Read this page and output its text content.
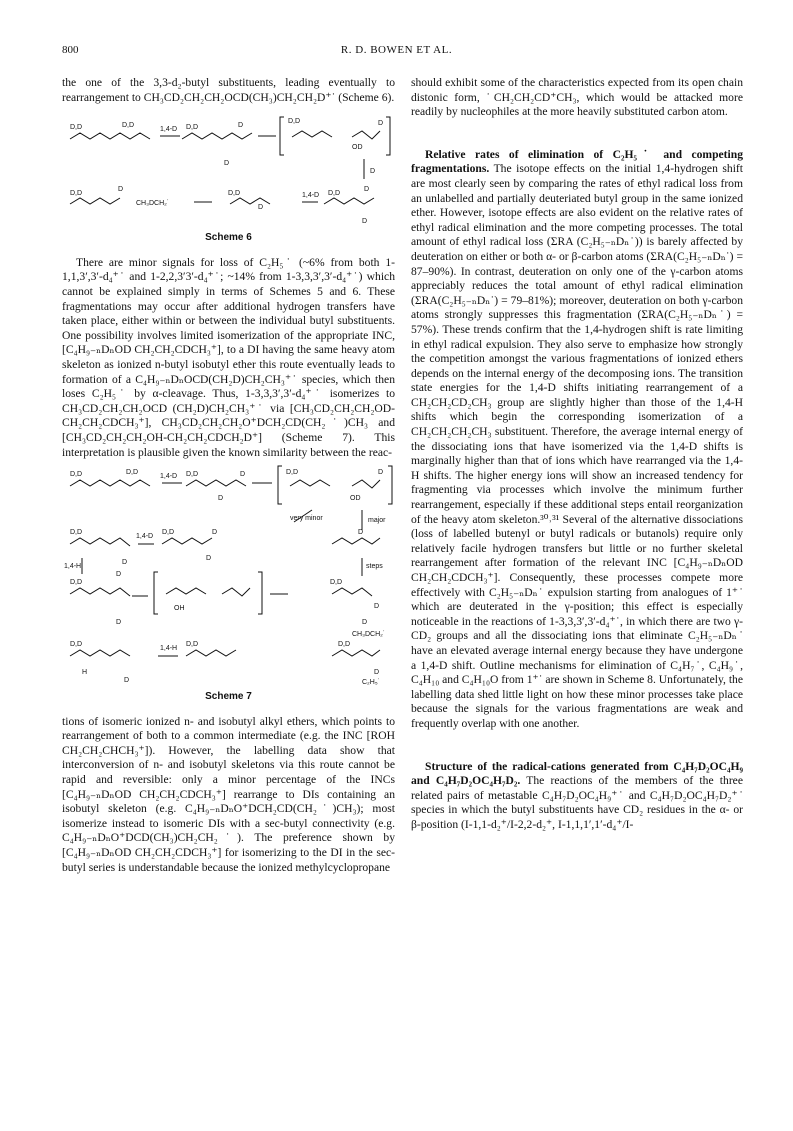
800	R. D. BOWEN ET AL.

the one of the 3,3-d₂-butyl substituents, leading eventually to rearrangement to CH₃CD₂CH₂CH₂OCD(CH₃)CH₂CH₂D⁺˙ (Scheme 6).

D,D	D,D
1,4-D D,D
D
D
D,D
OD
D
D,D
D
CH₃DCH₂˙
D,D
D
1,4-D D,D
D
D
D
Scheme 6

There are minor signals for loss of C₂H₅˙ (~6% from both 1-1,1,3′,3′-d₄⁺˙ and 1-2,2,3′3′-d₄⁺˙; ~14% from 1-3,3,3′,3′-d₄⁺˙) which cannot be explained simply in terms of Schemes 5 and 6. These fragmentations may occur after additional hydrogen transfers have taken place, either within or between the individual butyl substituents. One possibility involves limited isomerization of the appropriate INC, [C₄H₉₋ₙDₙOD CH₂CH₂CDCH₃⁺], to a DI having the same heavy atom skeleton as ionized n-butyl isobutyl ether this route eventually leads to formation of a C₄H₉₋ₙDₙOCD(CH₂D)CH₂CH₃⁺˙ species, which then loses C₂H₅˙ by α-cleavage. Thus, 1-3,3,3′,3′-d₄⁺˙ isomerizes to CH₃CD₂CH₂CH₂OCD (CH₂D)CH₂CH₃⁺˙ via [CH₃CD₂CH₂CH₂OD-CH₂CH₂CDCH₃⁺], CH₃CD₂CH₂CH₂O⁺DCH₂CD(CH₂˙)CH₃ and [CH₃CD₂CH₂CH₂OH-CH₂CH₂CDCH₂D⁺] (Scheme 7). This interpretation is plausible given the known similarity between the reac-

D,D	D,D
1,4-D D,D
D
D	D,D
OD
D
very minor	major
D,D
1,4-D
D,D
D
D
D
D
D
1,4-H
D,D
OH
D
steps
D,D
D
D
CH₃DCH₂˙
D,D
1,4-H
D,D	D,D
D
H	D
C₂H₅˙
Scheme 7

tions of isomeric ionized n- and isobutyl alkyl ethers, which points to rearrangement of both to a common intermediate (e.g. the INC [ROH CH₂CH₂CHCH₃⁺]). However, the labelling data show that interconversion of n- and isobutyl skeletons via this route cannot be rapid and reversible: only a minor percentage of the INCs [C₄H₉₋ₙDₙOD CH₂CH₂CDCH₃⁺] rearrange to DIs containing an isobutyl skeleton (e.g. C₄H₉₋ₙDₙO⁺DCH₂CD(CH₂˙)CH₃); most isomerize instead to isomeric DIs with a sec-butyl connectivity (e.g. C₄H₉₋ₙDₙO⁺DCD(CH₃)CH₂CH₂˙). The preference shown by [C₄H₉₋ₙDₙOD CH₂CH₂CDCH₃⁺] for isomerizing to the DI in the sec-butyl series is understandable because the ionized methylcyclopropane

should exhibit some of the characteristics expected from its open chain distonic form, ˙CH₂CH₂CD⁺CH₃, which would be attacked more readily by nucleophiles at the more heavily substituted carbon atom.

Relative rates of elimination of C₂H₅˙ and competing fragmentations. The isotope effects on the initial 1,4-hydrogen shift are most clearly seen by comparing the rates of ethyl radical loss from an unlabelled and partially deuteriated butyl group in the same ionized ether. However, isotope effects are also evident on the relative rates of ethyl radical elimination and the more competing processes. The total amount of ethyl radical loss (ΣRA (C₂H₅₋ₙDₙ˙)) is barely affected by deuteration on either or both α- or β-carbon atoms (ΣRA(C₂H₅₋ₙDₙ˙) = 87–90%). In contrast, deuteration on only one of the γ-carbon atoms appreciably reduces the total amount of ethyl radical elimination (ΣRA(C₂H₅₋ₙDₙ˙) = 79–81%); moreover, deuteration on both γ-carbon atoms strongly suppresses this fragmentation (ΣRA(C₂H₅₋ₙDₙ˙) = 57%). These trends confirm that the 1,4-hydrogen shift is rate limiting in ethyl radical expulsion. They also serve to emphasize how strongly the competition amongst the various fragmentations of ionized ethers depends on the internal energy of the decomposing ions. The transition state energies for the 1,4-D shifts initiating rearrangement of a CH₂CH₂CD₂CH₃ group are slightly higher than those of the 1,4-H shifts which begin the corresponding isomerization of a CH₂CH₂CH₂CH₃ substituent. Therefore, the average internal energy of the dissociating ions that have isomerized via the 1,4-D shifts is marginally higher than that of ions which have rearranged via the 1,4-H shifts. The higher energy ions will show an increased tendency for fragmenting via processes which involve the minimum further rearrangement, especially if these additional steps entail reorganization of the heavy atom skeleton.³⁰˒³¹ Several of the alternative dissociations (loss of labelled butenyl or butyl radicals or butanols) require only relatively facile hydrogen transfers but little or no further skeletal rearrangement after formation of the relevant INC [C₄H₉₋ₙDₙOD CH₂CH₂CDCH₃⁺]. Consequently, these processes compete more effectively with C₂H₅₋ₙDₙ˙ expulsion starting from analogues of 1⁺˙ which are deuterated in the γ-position; this effect is especially noticeable in the reactions of 1-3,3,3′,3′-d₄⁺˙, in which there are two γ-CD₂ groups and all the dissociating ions that eliminate C₂H₅₋ₙDₙ˙ have an elevated average internal energy because they have undergone a 1,4-D shift. Outline mechanisms for elimination of C₄H₇˙, C₄H₉˙, C₄H₁₀ and C₄H₁₀O from 1⁺˙ are shown in Scheme 8. Unfortunately, the labelling data shed little light on how these minor processes take place because the signals for the various fragmentations are weak and frequently overlap with one another.

Structure of the radical-cations generated from C₄H₇D₂OC₄H₉ and C₄H₇D₂OC₄H₇D₂. The reactions of the members of the three related pairs of metastable C₄H₇D₂OC₄H₉⁺˙ and C₄H₇D₂OC₄H₇D₂⁺˙ species in which the butyl substituents have CD₂ residues in the α- or β-position (I-1,1-d₂⁺/I-2,2-d₂⁺, I-1,1,1′,1′-d₄⁺/I-
